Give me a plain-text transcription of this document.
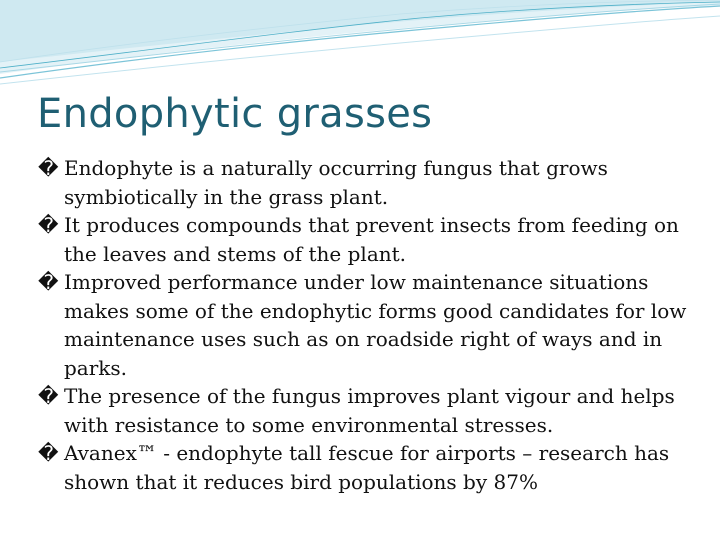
Endophytic grasses
� Endophyte is a naturally occurring fungus that grows symbiotically in the grass plant.
� It produces compounds that prevent insects from feeding on the leaves and stems of the plant.
� Improved performance under low maintenance situations makes some of the endophytic forms good candidates for low maintenance uses such as on roadside right of ways and in parks.
� The presence of the fungus improves plant vigour and helps with resistance to some environmental stresses.
� Avanex™ - endophyte tall fescue for airports – research has shown that it reduces bird populations by 87%
